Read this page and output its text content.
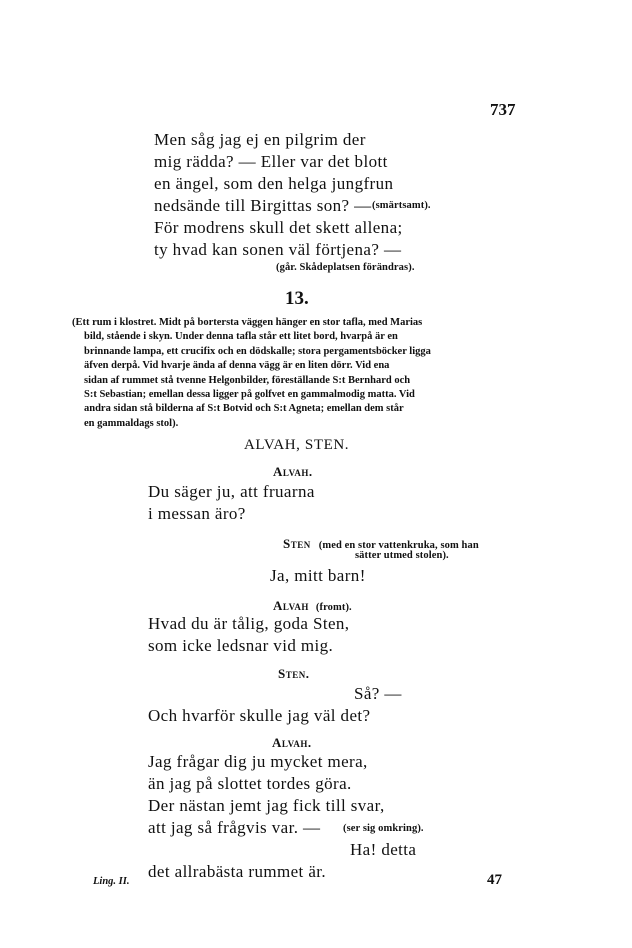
737
Men såg jag ej en pilgrim der
mig rädda? — Eller var det blott
en ängel, som den helga jungfrun
nedsände till Birgittas son? — (smärtsamt).
För modrens skull det skett allena;
ty hvad kan sonen väl förtjena? —
(går. Skådeplatsen förändras).
13.
(Ett rum i klostret. Midt på bortersta väggen hänger en stor tafla, med Marias
bild, stående i skyn. Under denna tafla står ett litet bord, hvarpå är en
brinnande lampa, ett crucifix och en dödskalle; stora pergamentsböcker ligga
äfven derpå. Vid hvarje ända af denna vägg är en liten dörr. Vid ena
sidan af rummet stå tvenne Helgonbilder, föreställande S:t Bernhard och
S:t Sebastian; emellan dessa ligger på golfvet en gammalmodig matta. Vid
andra sidan stå bilderna af S:t Botvid och S:t Agneta; emellan dem står
en gammaldags stol).
ALVAH, STEN.
Alvah.
Du säger ju, att fruarna
i messan äro?
Sten (med en stor vattenkruka, som han
sätter utmed stolen).
Ja, mitt barn!
Alvah (fromt).
Hvad du är tålig, goda Sten,
som icke ledsnar vid mig.
Sten.
Så? —
Och hvarför skulle jag väl det?
Alvah.
Jag frågar dig ju mycket mera,
än jag på slottet tordes göra.
Der nästan jemt jag fick till svar,
att jag så frågvis var. — (ser sig omkring).
Ha! detta
det allrabästa rummet är.
Ling. II.	47
